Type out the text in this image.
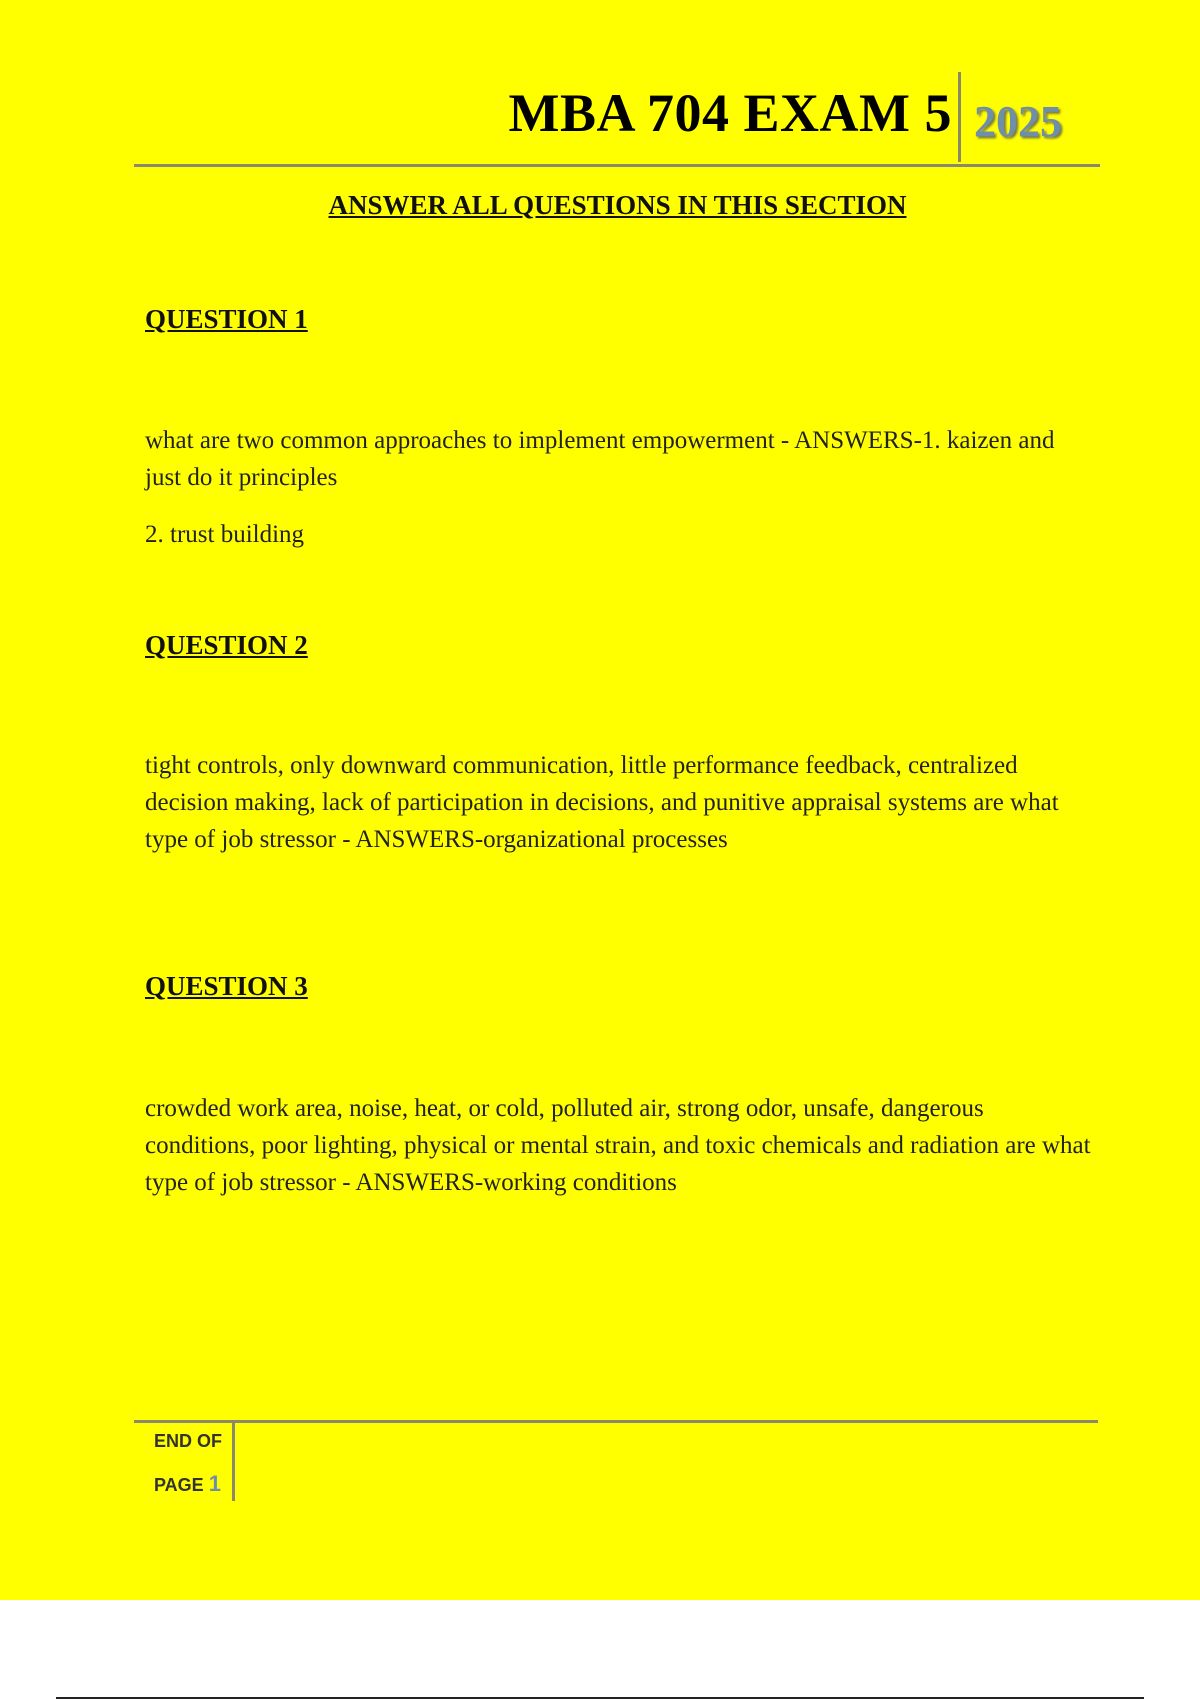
MBA 704 EXAM 5 2025
ANSWER ALL QUESTIONS IN THIS SECTION
QUESTION 1
what are two common approaches to implement empowerment - ANSWERS-1. kaizen and just do it principles
2. trust building
QUESTION 2
tight controls, only downward communication, little performance feedback, centralized decision making, lack of participation in decisions, and punitive appraisal systems are what type of job stressor - ANSWERS-organizational processes
QUESTION 3
crowded work area, noise, heat, or cold, polluted air, strong odor, unsafe, dangerous conditions, poor lighting, physical or mental strain, and toxic chemicals and radiation are what type of job stressor - ANSWERS-working conditions
END OF
PAGE 1
